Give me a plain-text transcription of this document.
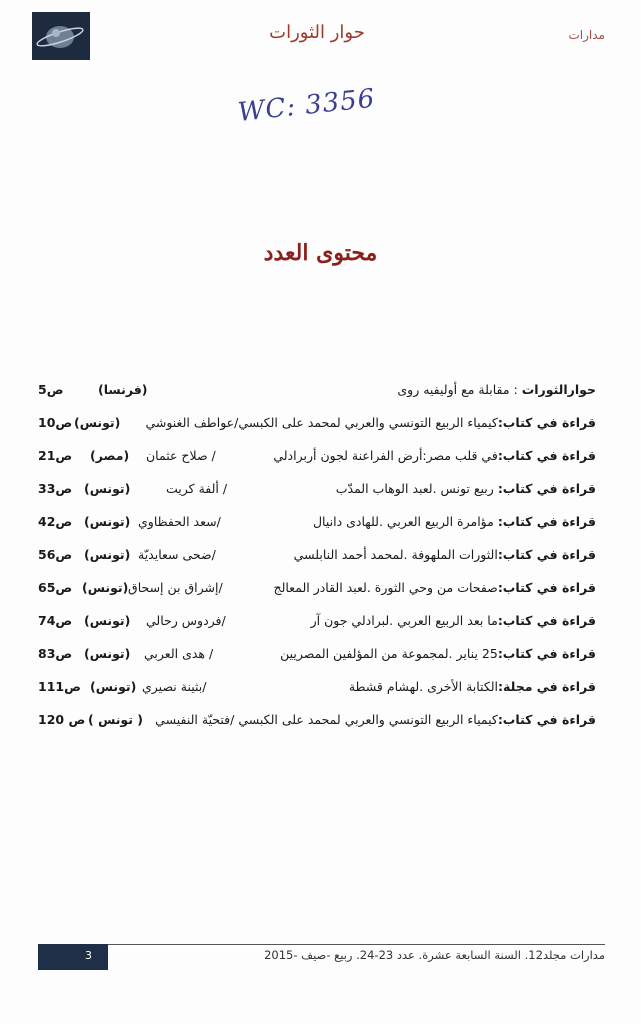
حوار الثورات	مدارات
WC: 3356
محتوى العدد
حوارالثورات : مقابلة مع أوليفيه روى
(فرنسا)
ص5
قراءة في كتاب:كيمياء الربيع التونسي والعربي لمحمد على الكبسي/عواطف الغنوشي
(تونس)
ص10
قراءة في كتاب:في قلب مصر:أرض الفراعنة لجون أربرادلي
/ صلاح عثمان
(مصر)
ص21
قراءة في كتاب: ربيع تونس .لعبد الوهاب المدّب
/ ألفة كريت
(تونس)
ص33
قراءة في كتاب: مؤامرة الربيع العربي .للهادى دانيال
/سعد الحفظاوي
(تونس)
ص42
قراءة في كتاب:الثورات الملهوفة .لمحمد أحمد النابلسي
/ضحى سعايديّة
(تونس)
ص56
قراءة في كتاب:صفحات من وحي الثورة .لعبد القادر المعالج
/إشراق بن إسحاق
(تونس)
ص65
قراءة في كتاب:ما بعد الربيع العربي .لبرادلي جون آر
/فردوس رحالي
(تونس)
ص74
قراءة في كتاب:25 يناير .لمجموعة من المؤلفين المصريين
/ هدى العربي
(تونس)
ص83
قراءة في مجلة:الكتابة الأخرى .لهشام قشطة
/بثينة نصيري
(تونس)
ص111
قراءة في كتاب:كيمياء الربيع التونسي والعربي لمحمد على الكبسي /فتحيّة النفيسي
( تونس )
ص 120
3	مدارات مجلد12. السنة السابعة عشرة. عدد 23-24. ربيع -صيف -2015
